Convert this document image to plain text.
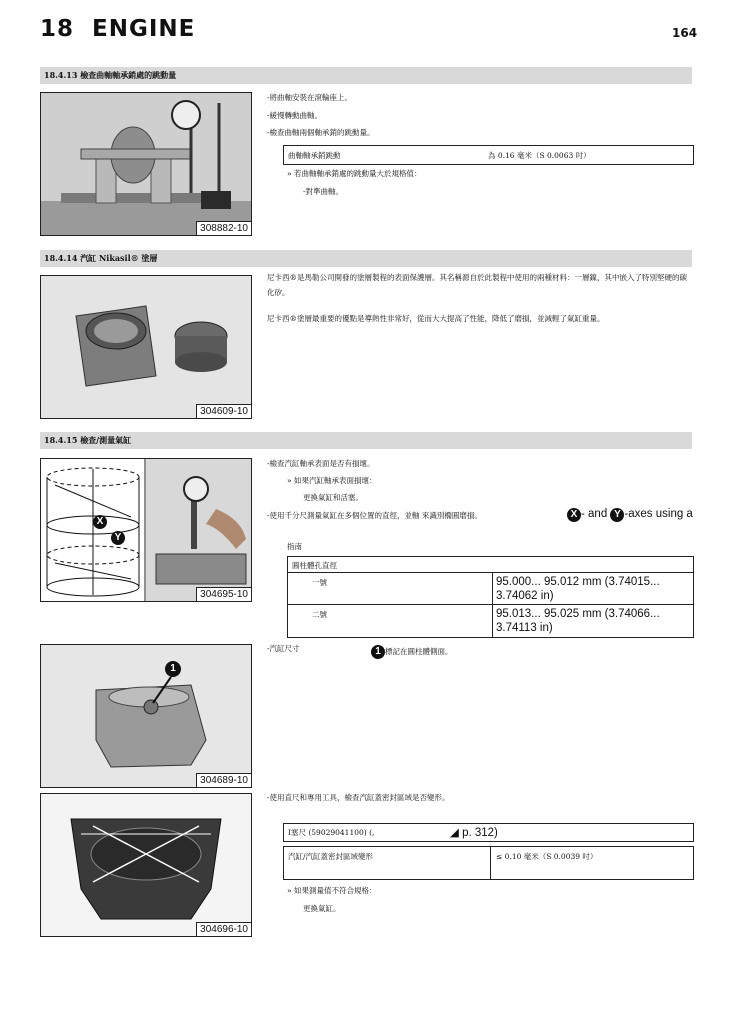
18 ENGINE	164
18.4.13 檢查曲軸軸承銷處的跳動量
308882-10
-將曲軸安裝在滾輪座上。
-緩慢轉動曲軸。
-檢查曲軸兩個軸承銷的跳動量。
曲軸軸承銷跳動	為 0.16 毫米（S 0.0063 吋）
» 若曲軸軸承銷處的跳動量大於規格值：
-對準曲軸。
18.4.14 汽缸 Nikasil® 塗層
304609-10
尼卡西®是馬勒公司開發的塗層製程的表面保護層。其名稱源自於此製程中使用的兩種材料：一層鎳，其中嵌入了特別堅硬的碳化矽。
尼卡西®塗層最重要的優點是導熱性非常好，從而大大提高了性能，降低了磨損，並減輕了氣缸重量。
18.4.15 檢查/測量氣缸
X
Y
304695-10
-檢查汽缸軸承表面是否有損壞。
» 如果汽缸軸承表面損壞：
更換氣缸和活塞。
-使用千分尺測量氣缸在多個位置的直徑，並軸 來識別橢圓磨損。	X - and Y -axes using a
指南
圓柱體孔直徑
一號	95.000... 95.012 mm (3.74015... 3.74062 in)
二號	95.013... 95.025 mm (3.74066... 3.74113 in)
-汽缸尺寸	1 標記在圓柱體側面。
1
304689-10
-使用直尺和專用工具，檢查汽缸蓋密封區域是否變形。
304696-10
I塞尺 (59029041100) (,	◢ p. 312)
汽缸/汽缸蓋密封區域變形	≤ 0.10 毫米（S 0.0039 吋）
» 如果測量值不符合規格：
更換氣缸。
